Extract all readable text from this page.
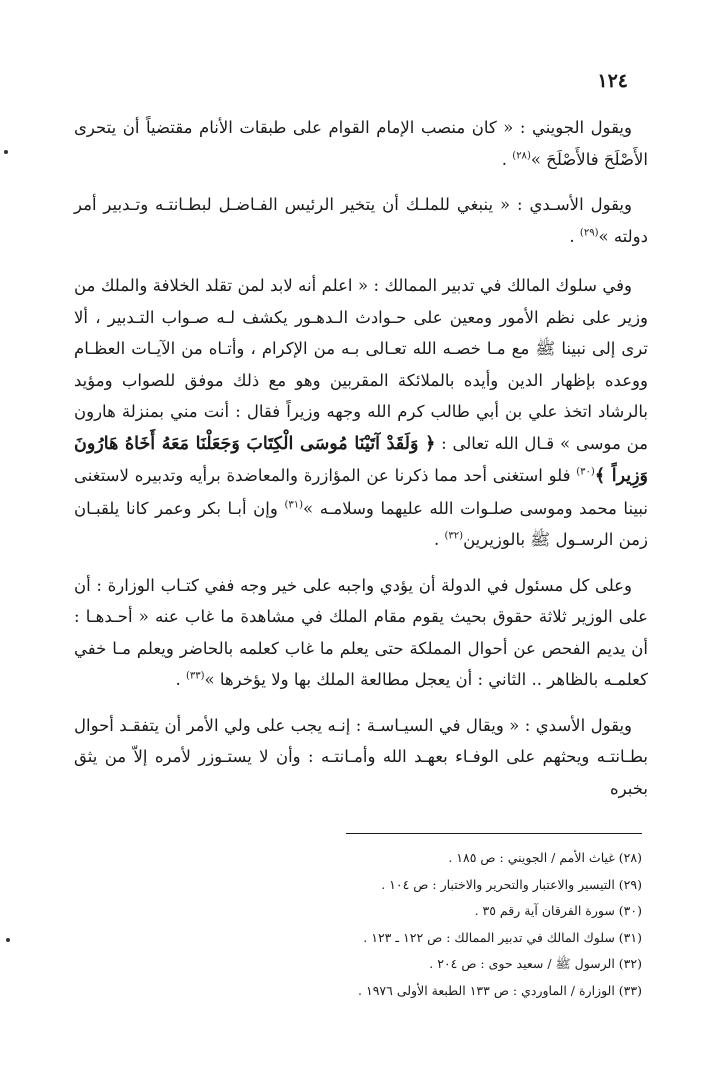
١٢٤

ويقول الجويني : « كان منصب الإمام القوام على طبقات الأنام مقتضياً أن يتحرى الأَصْلَحَ فالأَصْلَحَ »$^{(٢٨)}$ .

ويقول الأسـدي : « ينبغي للملـك أن يتخير الرئيس الفـاضـل لبطـانتـه وتـدبير أمر دولته »$^{(٢٩)}$ .

وفي سلوك المالك في تدبير الممالك : « اعلم أنه لابد لمن تقلد الخلافة والملك من وزير على نظم الأمور ومعين على حـوادث الـدهـور يكشف لـه صـواب التـدبير ، ألا ترى إلى نبينا ﷺ مع مـا خصـه الله تعـالى بـه من الإكرام ، وأتـاه من الآيـات العظـام ووعده بإظهار الدين وأيده بالملائكة المقربين وهو مع ذلك موفق للصواب ومؤيد بالرشاد اتخذ علي بن أبي طالب كرم الله وجهه وزيراً فقال : أنت مني بمنزلة هارون من موسى » قـال الله تعالى : ﴿ وَلَقَدْ آتَيْنَا مُوسَى الْكِتَابَ وَجَعَلْنَا مَعَهُ أَخَاهُ هَارُونَ وَزِيراً ﴾$^{(٣٠)}$ فلو استغنى أحد مما ذكرنا عن المؤازرة والمعاضدة برأيه وتدبيره لاستغنى نبينا محمد وموسى صلـوات الله عليهما وسلامـه »$^{(٣١)}$ وإن أبـا بكر وعمر كانا يلقبـان زمن الرسـول ﷺ بالوزيرين$^{(٣٢)}$ .

وعلى كل مسئول في الدولة أن يؤدي واجبه على خير وجه ففي كتـاب الوزارة : أن على الوزير ثلاثة حقوق بحيث يقوم مقام الملك في مشاهدة ما غاب عنه « أحـدهـا : أن يديم الفحص عن أحوال المملكة حتى يعلم ما غاب كعلمه بالحاضر ويعلم مـا خفي كعلمـه بالظاهر .. الثاني : أن يعجل مطالعة الملك بها ولا يؤخرها »$^{(٣٣)}$ .

ويقول الأسدي : « ويقال في السيـاسـة : إنـه يجب على ولي الأمر أن يتفقـد أحوال بطـانتـه ويحثهم على الوفـاء بعهـد الله وأمـانتـه : وأن لا يستـوزر لأمره إلاّ من يثق بخبره

(٢٨) غياث الأمم / الجويني : ص ١٨٥ .
(٢٩) التيسير والاعتبار والتحرير والاختبار : ص ١٠٤ .
(٣٠) سورة الفرقان آية رقم ٣٥ .
(٣١) سلوك المالك في تدبير الممالك : ص ١٢٢ ـ ١٢٣ .
(٣٢) الرسول ﷺ / سعيد حوى : ص ٢٠٤ .
(٣٣) الوزارة / الماوردي : ص ١٣٣ الطبعة الأولى ١٩٧٦ .
